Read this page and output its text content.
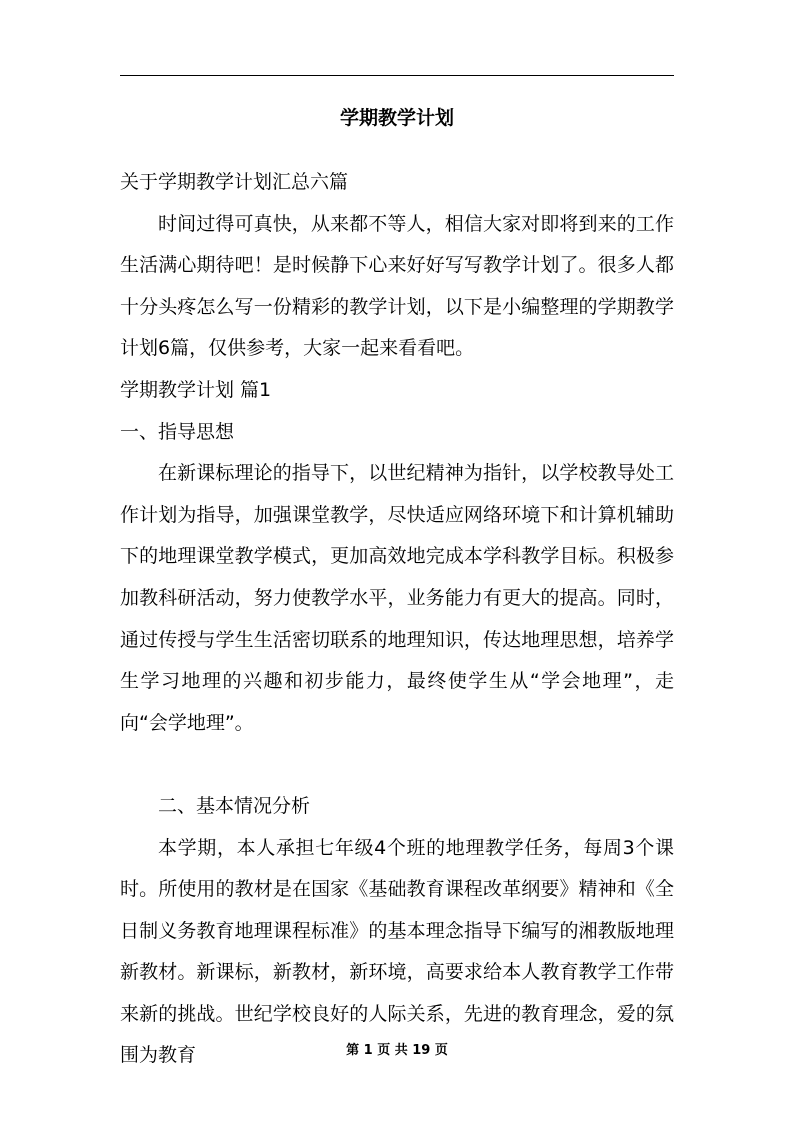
学期教学计划

关于学期教学计划汇总六篇

时间过得可真快，从来都不等人，相信大家对即将到来的工作生活满心期待吧！是时候静下心来好好写写教学计划了。很多人都十分头疼怎么写一份精彩的教学计划，以下是小编整理的学期教学计划6篇，仅供参考，大家一起来看看吧。

学期教学计划 篇1

一、指导思想

在新课标理论的指导下，以世纪精神为指针，以学校教导处工作计划为指导，加强课堂教学，尽快适应网络环境下和计算机辅助下的地理课堂教学模式，更加高效地完成本学科教学目标。积极参加教科研活动，努力使教学水平，业务能力有更大的提高。同时，通过传授与学生生活密切联系的地理知识，传达地理思想，培养学生学习地理的兴趣和初步能力，最终使学生从“学会地理”，走向“会学地理”。

二、基本情况分析

本学期，本人承担七年级4个班的地理教学任务，每周3个课时。所使用的教材是在国家《基础教育课程改革纲要》精神和《全日制义务教育地理课程标准》的基本理念指导下编写的湘教版地理新教材。新课标，新教材，新环境，高要求给本人教育教学工作带来新的挑战。世纪学校良好的人际关系，先进的教育理念，爱的氛围为教育	第 1 页 共 19 页
